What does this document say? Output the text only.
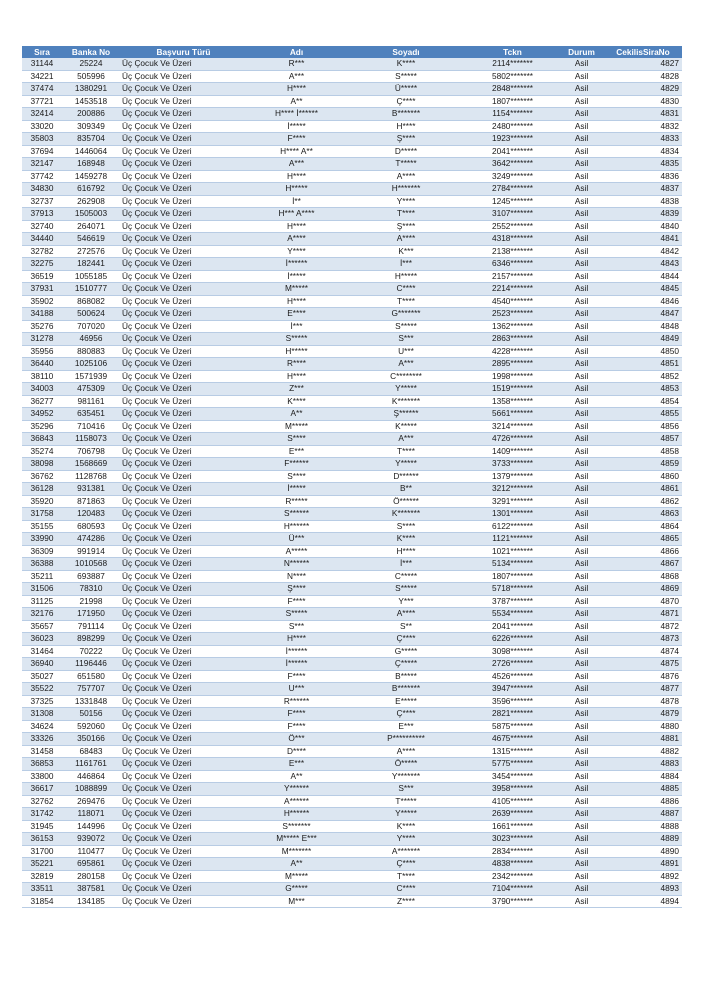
Sıra	Banka No	Başvuru Türü	Adı	Soyadı	Tckn	Durum	CekilisSiraNo
31144	25224	Üç Çocuk Ve Üzeri	R***	K****	2114*******	Asil	4827
34221	505996	Üç Çocuk Ve Üzeri	A***	S*****	5802*******	Asil	4828
37474	1380291	Üç Çocuk Ve Üzeri	H****	Ü*****	2848*******	Asil	4829
37721	1453518	Üç Çocuk Ve Üzeri	A**	Ç****	1807*******	Asil	4830
32414	200886	Üç Çocuk Ve Üzeri	H**** İ******	B*******	1154*******	Asil	4831
33020	309349	Üç Çocuk Ve Üzeri	İ*****	H****	2480*******	Asil	4832
35803	835704	Üç Çocuk Ve Üzeri	F****	Ş****	1923*******	Asil	4833
37694	1446064	Üç Çocuk Ve Üzeri	H**** A**	D*****	2041*******	Asil	4834
32147	168948	Üç Çocuk Ve Üzeri	A***	T*****	3642*******	Asil	4835
37742	1459278	Üç Çocuk Ve Üzeri	H****	A****	3249*******	Asil	4836
34830	616792	Üç Çocuk Ve Üzeri	H*****	H*******	2784*******	Asil	4837
32737	262908	Üç Çocuk Ve Üzeri	İ**	Y****	1245*******	Asil	4838
37913	1505003	Üç Çocuk Ve Üzeri	H*** A****	T****	3107*******	Asil	4839
32740	264071	Üç Çocuk Ve Üzeri	H****	Ş****	2552*******	Asil	4840
34440	546619	Üç Çocuk Ve Üzeri	A****	A****	4318*******	Asil	4841
32782	272576	Üç Çocuk Ve Üzeri	Y****	K***	2138*******	Asil	4842
32275	182441	Üç Çocuk Ve Üzeri	İ******	İ***	6346*******	Asil	4843
36519	1055185	Üç Çocuk Ve Üzeri	İ*****	H*****	2157*******	Asil	4844
37931	1510777	Üç Çocuk Ve Üzeri	M*****	C****	2214*******	Asil	4845
35902	868082	Üç Çocuk Ve Üzeri	H****	T****	4540*******	Asil	4846
34188	500624	Üç Çocuk Ve Üzeri	E****	G*******	2523*******	Asil	4847
35276	707020	Üç Çocuk Ve Üzeri	İ***	S*****	1362*******	Asil	4848
31278	46956	Üç Çocuk Ve Üzeri	S*****	S***	2863*******	Asil	4849
35956	880883	Üç Çocuk Ve Üzeri	H*****	U***	4228*******	Asil	4850
36440	1025106	Üç Çocuk Ve Üzeri	R****	A***	2895*******	Asil	4851
38110	1571939	Üç Çocuk Ve Üzeri	H****	C********	1998*******	Asil	4852
34003	475309	Üç Çocuk Ve Üzeri	Z***	Y*****	1519*******	Asil	4853
36277	981161	Üç Çocuk Ve Üzeri	K****	K*******	1358*******	Asil	4854
34952	635451	Üç Çocuk Ve Üzeri	A**	Ş******	5661*******	Asil	4855
35296	710416	Üç Çocuk Ve Üzeri	M*****	K*****	3214*******	Asil	4856
36843	1158073	Üç Çocuk Ve Üzeri	S****	A***	4726*******	Asil	4857
35274	706798	Üç Çocuk Ve Üzeri	E***	T****	1409*******	Asil	4858
38098	1568669	Üç Çocuk Ve Üzeri	F******	Y*****	3733*******	Asil	4859
36762	1128768	Üç Çocuk Ve Üzeri	S****	D******	1379*******	Asil	4860
36128	931381	Üç Çocuk Ve Üzeri	İ*****	B**	3212*******	Asil	4861
35920	871863	Üç Çocuk Ve Üzeri	R*****	Ö******	3291*******	Asil	4862
31758	120483	Üç Çocuk Ve Üzeri	S******	K*******	1301*******	Asil	4863
35155	680593	Üç Çocuk Ve Üzeri	H******	S****	6122*******	Asil	4864
33990	474286	Üç Çocuk Ve Üzeri	Ü***	K****	1121*******	Asil	4865
36309	991914	Üç Çocuk Ve Üzeri	A*****	H****	1021*******	Asil	4866
36388	1010568	Üç Çocuk Ve Üzeri	N******	İ***	5134*******	Asil	4867
35211	693887	Üç Çocuk Ve Üzeri	N****	C*****	1807*******	Asil	4868
31506	78310	Üç Çocuk Ve Üzeri	Ş****	S*****	5718*******	Asil	4869
31125	21998	Üç Çocuk Ve Üzeri	F****	Y***	3787*******	Asil	4870
32176	171950	Üç Çocuk Ve Üzeri	S*****	A****	5534*******	Asil	4871
35657	791114	Üç Çocuk Ve Üzeri	S***	S**	2041*******	Asil	4872
36023	898299	Üç Çocuk Ve Üzeri	H****	Ç****	6226*******	Asil	4873
31464	70222	Üç Çocuk Ve Üzeri	İ******	G*****	3098*******	Asil	4874
36940	1196446	Üç Çocuk Ve Üzeri	İ******	Ç*****	2726*******	Asil	4875
35027	651580	Üç Çocuk Ve Üzeri	F****	B*****	4526*******	Asil	4876
35522	757707	Üç Çocuk Ve Üzeri	U***	B*******	3947*******	Asil	4877
37325	1331848	Üç Çocuk Ve Üzeri	R******	E*****	3596*******	Asil	4878
31308	50156	Üç Çocuk Ve Üzeri	F****	Ç****	2821*******	Asil	4879
34624	592060	Üç Çocuk Ve Üzeri	F****	E***	5875*******	Asil	4880
33326	350166	Üç Çocuk Ve Üzeri	Ö***	P**********	4675*******	Asil	4881
31458	68483	Üç Çocuk Ve Üzeri	D****	A****	1315*******	Asil	4882
36853	1161761	Üç Çocuk Ve Üzeri	E***	Ö*****	5775*******	Asil	4883
33800	446864	Üç Çocuk Ve Üzeri	A**	Y*******	3454*******	Asil	4884
36617	1088899	Üç Çocuk Ve Üzeri	Y******	S***	3958*******	Asil	4885
32762	269476	Üç Çocuk Ve Üzeri	A******	T*****	4105*******	Asil	4886
31742	118071	Üç Çocuk Ve Üzeri	H******	Y*****	2639*******	Asil	4887
31945	144996	Üç Çocuk Ve Üzeri	S*******	K****	1661*******	Asil	4888
36153	939072	Üç Çocuk Ve Üzeri	M***** E***	Y****	3023*******	Asil	4889
31700	110477	Üç Çocuk Ve Üzeri	M*******	A*******	2834*******	Asil	4890
35221	695861	Üç Çocuk Ve Üzeri	A**	Ç****	4838*******	Asil	4891
32819	280158	Üç Çocuk Ve Üzeri	M*****	T****	2342*******	Asil	4892
33511	387581	Üç Çocuk Ve Üzeri	G*****	C****	7104*******	Asil	4893
31854	134185	Üç Çocuk Ve Üzeri	M***	Z****	3790*******	Asil	4894
